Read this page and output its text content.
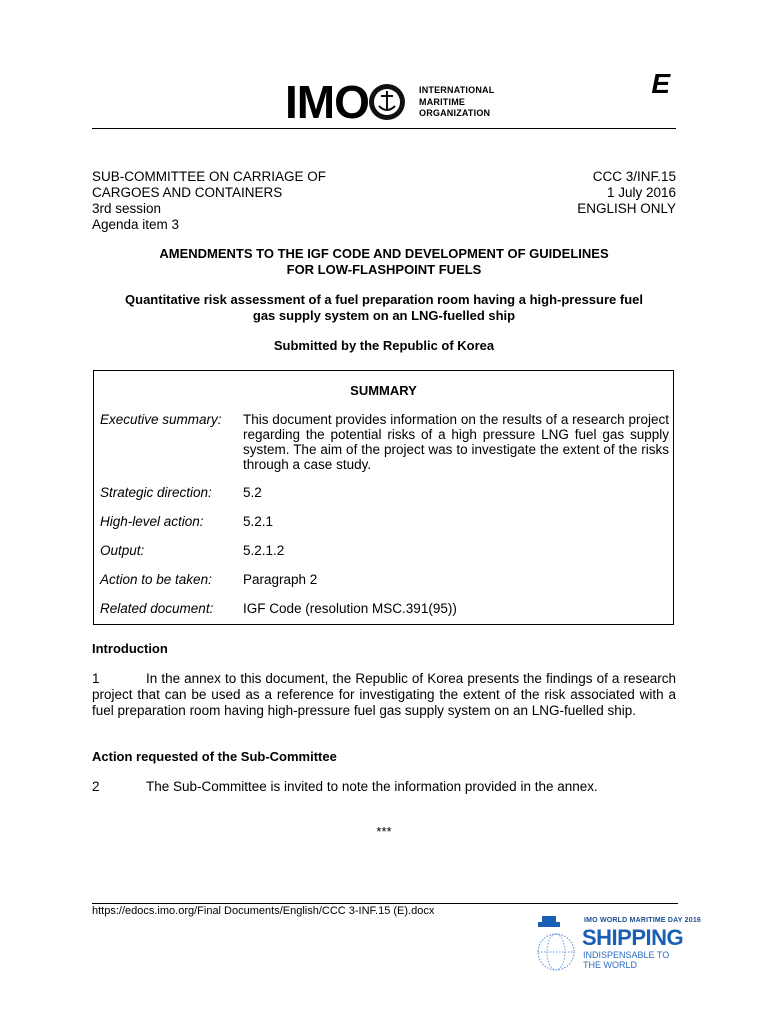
IMO	INTERNATIONAL
MARITIME
ORGANIZATION
E
SUB-COMMITTEE ON CARRIAGE OF
CARGOES AND CONTAINERS
3rd session
Agenda item 3
CCC 3/INF.15
1 July 2016
ENGLISH ONLY
AMENDMENTS TO THE IGF CODE AND DEVELOPMENT OF GUIDELINES
FOR LOW-FLASHPOINT FUELS
Quantitative risk assessment of a fuel preparation room having a high-pressure fuel
gas supply system on an LNG-fuelled ship
Submitted by the Republic of Korea
SUMMARY
Executive summary: This document provides information on the results of a research project regarding the potential risks of a high pressure LNG fuel gas supply system. The aim of the project was to investigate the extent of the risks through a case study.
Strategic direction: 5.2
High-level action:	5.2.1
Output:	5.2.1.2
Action to be taken: Paragraph 2
Related document: IGF Code (resolution MSC.391(95))
Introduction
1	In the annex to this document, the Republic of Korea presents the findings of a research project that can be used as a reference for investigating the extent of the risk associated with a fuel preparation room having high-pressure fuel gas supply system on an LNG-fuelled ship.
Action requested of the Sub-Committee
2	The Sub-Committee is invited to note the information provided in the annex.
***
https://edocs.imo.org/Final Documents/English/CCC 3-INF.15 (E).docx
IMO WORLD MARITIME DAY 2016
SHIPPING
INDISPENSABLE TO
THE WORLD
